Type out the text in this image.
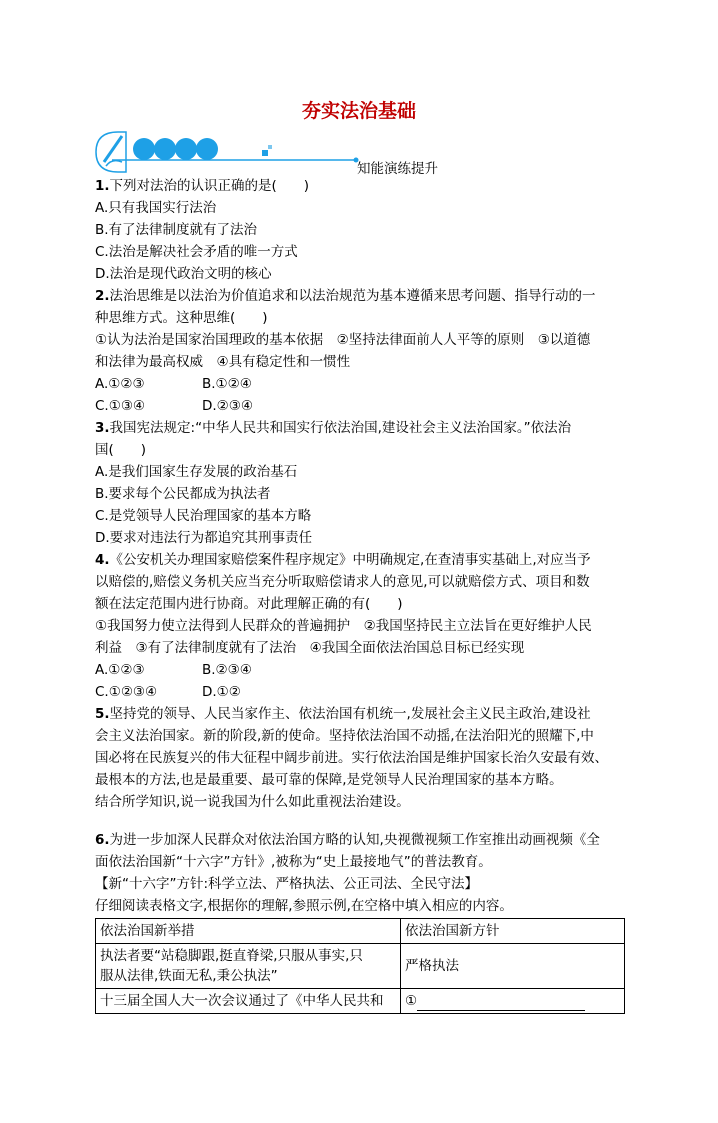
夯实法治基础
知能演练提升
1.下列对法治的认识正确的是(　　)
A.只有我国实行法治
B.有了法律制度就有了法治
C.法治是解决社会矛盾的唯一方式
D.法治是现代政治文明的核心
2.法治思维是以法治为价值追求和以法治规范为基本遵循来思考问题、指导行动的一
种思维方式。这种思维(　　)
①认为法治是国家治国理政的基本依据　②坚持法律面前人人平等的原则　③以道德
和法律为最高权威　④具有稳定性和一惯性
A.①②③	B.①②④
C.①③④	D.②③④
3.我国宪法规定:“中华人民共和国实行依法治国,建设社会主义法治国家。”依法治
国(　　)
A.是我们国家生存发展的政治基石
B.要求每个公民都成为执法者
C.是党领导人民治理国家的基本方略
D.要求对违法行为都追究其刑事责任
4.《公安机关办理国家赔偿案件程序规定》中明确规定,在查清事实基础上,对应当予
以赔偿的,赔偿义务机关应当充分听取赔偿请求人的意见,可以就赔偿方式、项目和数
额在法定范围内进行协商。对此理解正确的有(　　)
①我国努力使立法得到人民群众的普遍拥护　②我国坚持民主立法旨在更好维护人民
利益　③有了法律制度就有了法治　④我国全面依法治国总目标已经实现
A.①②③	B.②③④
C.①②③④	D.①②
5.坚持党的领导、人民当家作主、依法治国有机统一,发展社会主义民主政治,建设社
会主义法治国家。新的阶段,新的使命。坚持依法治国不动摇,在法治阳光的照耀下,中
国必将在民族复兴的伟大征程中阔步前进。实行依法治国是维护国家长治久安最有效、
最根本的方法,也是最重要、最可靠的保障,是党领导人民治理国家的基本方略。
结合所学知识,说一说我国为什么如此重视法治建设。
6.为进一步加深人民群众对依法治国方略的认知,央视微视频工作室推出动画视频《全
面依法治国新“十六字”方针》,被称为“史上最接地气”的普法教育。
【新“十六字”方针:科学立法、严格执法、公正司法、全民守法】
仔细阅读表格文字,根据你的理解,参照示例,在空格中填入相应的内容。
依法治国新举措	依法治国新方针

执法者要“站稳脚跟,挺直脊梁,只服从事实,只
服从法律,铁面无私,秉公执法”	严格执法
十三届全国人大一次会议通过了《中华人民共和	①
